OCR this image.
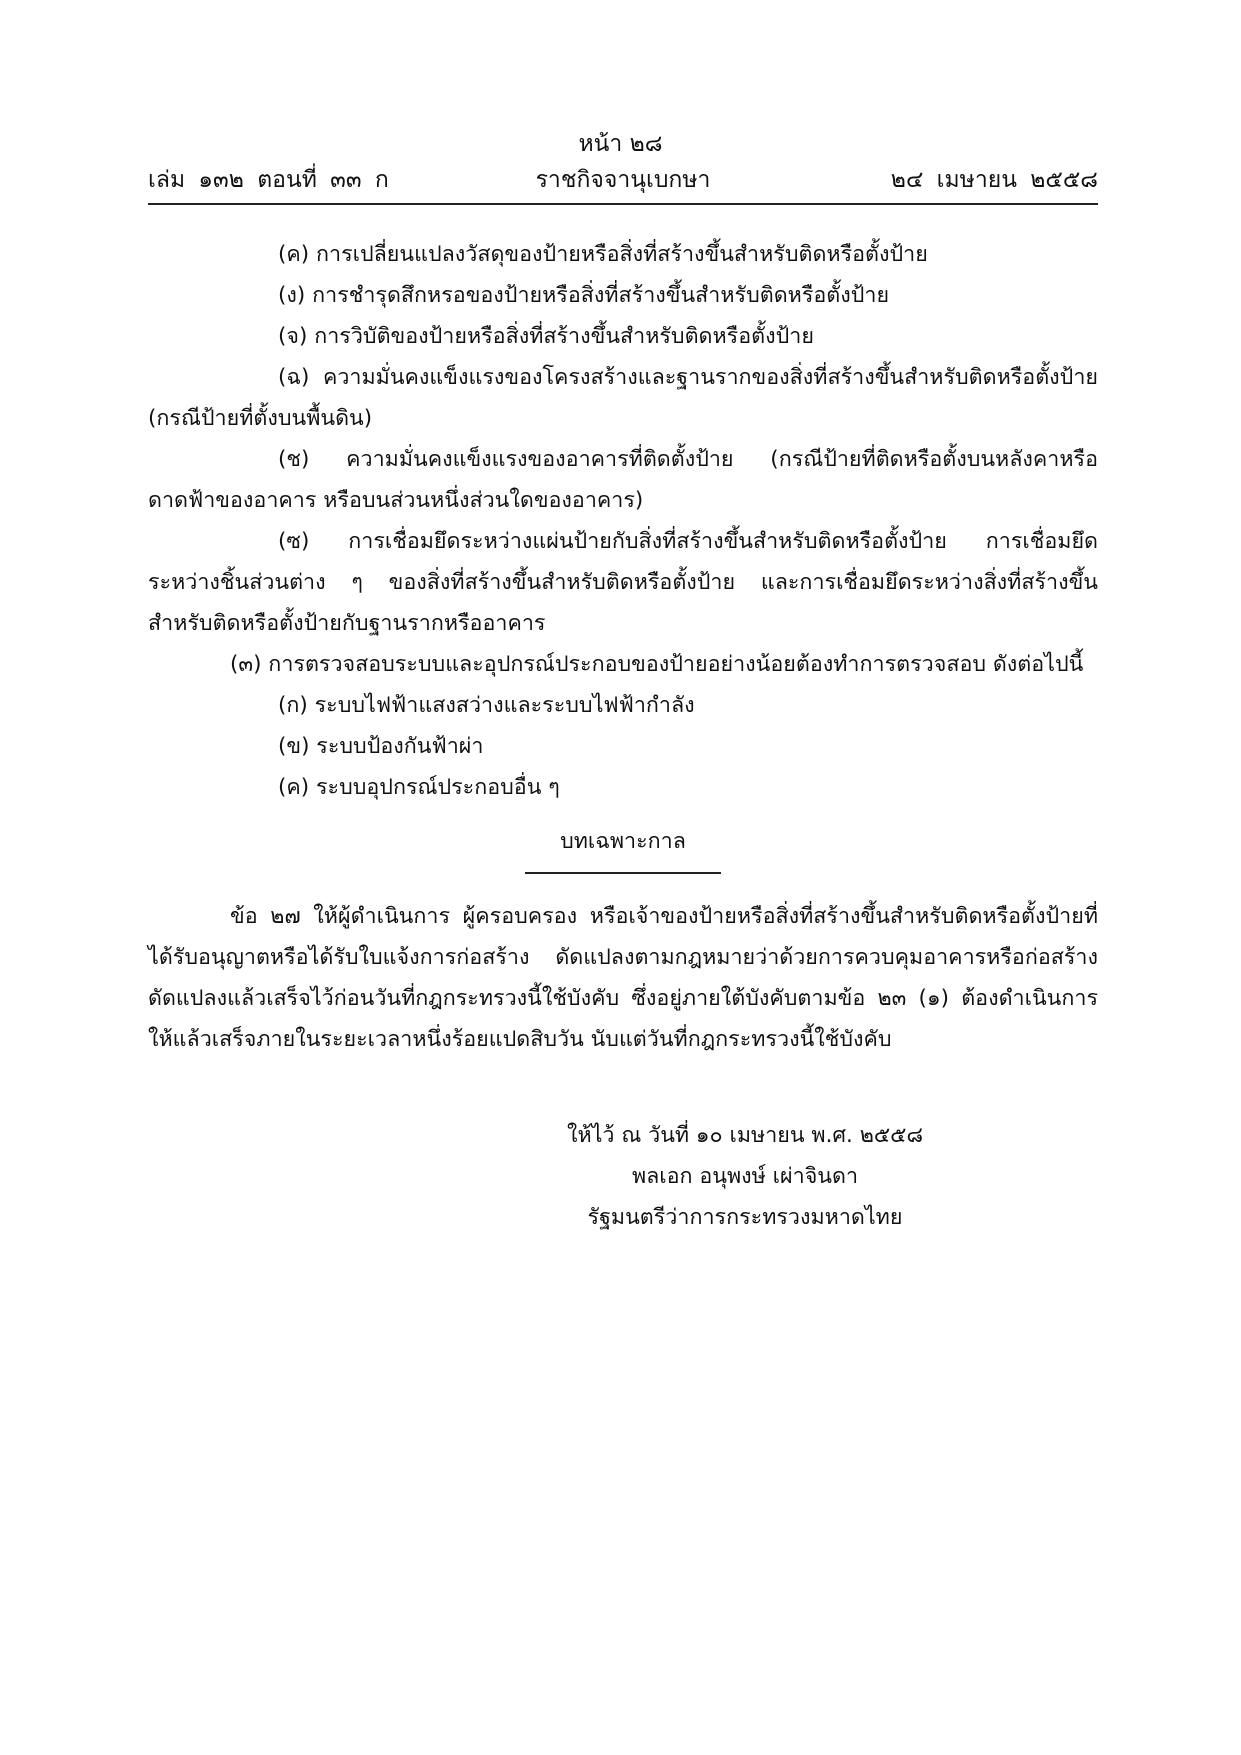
หน้า ๒๘
เล่ม ๑๓๒ ตอนที่ ๓๓ ก	ราชกิจจานุเบกษา	๒๔ เมษายน ๒๕๕๘

(ค) การเปลี่ยนแปลงวัสดุของป้ายหรือสิ่งที่สร้างขึ้นสำหรับติดหรือตั้งป้าย

(ง) การชำรุดสึกหรอของป้ายหรือสิ่งที่สร้างขึ้นสำหรับติดหรือตั้งป้าย

(จ) การวิบัติของป้ายหรือสิ่งที่สร้างขึ้นสำหรับติดหรือตั้งป้าย

(ฉ) ความมั่นคงแข็งแรงของโครงสร้างและฐานรากของสิ่งที่สร้างขึ้นสำหรับติดหรือตั้งป้าย (กรณีป้ายที่ตั้งบนพื้นดิน)

(ช) ความมั่นคงแข็งแรงของอาคารที่ติดตั้งป้าย (กรณีป้ายที่ติดหรือตั้งบนหลังคาหรือดาดฟ้าของอาคาร หรือบนส่วนหนึ่งส่วนใดของอาคาร)

(ซ) การเชื่อมยึดระหว่างแผ่นป้ายกับสิ่งที่สร้างขึ้นสำหรับติดหรือตั้งป้าย การเชื่อมยึดระหว่างชิ้นส่วนต่าง ๆ ของสิ่งที่สร้างขึ้นสำหรับติดหรือตั้งป้าย และการเชื่อมยึดระหว่างสิ่งที่สร้างขึ้นสำหรับติดหรือตั้งป้ายกับฐานรากหรืออาคาร

(๓) การตรวจสอบระบบและอุปกรณ์ประกอบของป้ายอย่างน้อยต้องทำการตรวจสอบ ดังต่อไปนี้

(ก) ระบบไฟฟ้าแสงสว่างและระบบไฟฟ้ากำลัง

(ข) ระบบป้องกันฟ้าผ่า

(ค) ระบบอุปกรณ์ประกอบอื่น ๆ

บทเฉพาะกาล

ข้อ ๒๗ ให้ผู้ดำเนินการ ผู้ครอบครอง หรือเจ้าของป้ายหรือสิ่งที่สร้างขึ้นสำหรับติดหรือตั้งป้ายที่ได้รับอนุญาตหรือได้รับใบแจ้งการก่อสร้าง ดัดแปลงตามกฎหมายว่าด้วยการควบคุมอาคารหรือก่อสร้างดัดแปลงแล้วเสร็จไว้ก่อนวันที่กฎกระทรวงนี้ใช้บังคับ ซึ่งอยู่ภายใต้บังคับตามข้อ ๒๓ (๑) ต้องดำเนินการให้แล้วเสร็จภายในระยะเวลาหนึ่งร้อยแปดสิบวัน นับแต่วันที่กฎกระทรวงนี้ใช้บังคับ

ให้ไว้ ณ วันที่ ๑๐ เมษายน พ.ศ. ๒๕๕๘
พลเอก อนุพงษ์ เผ่าจินดา
รัฐมนตรีว่าการกระทรวงมหาดไทย
